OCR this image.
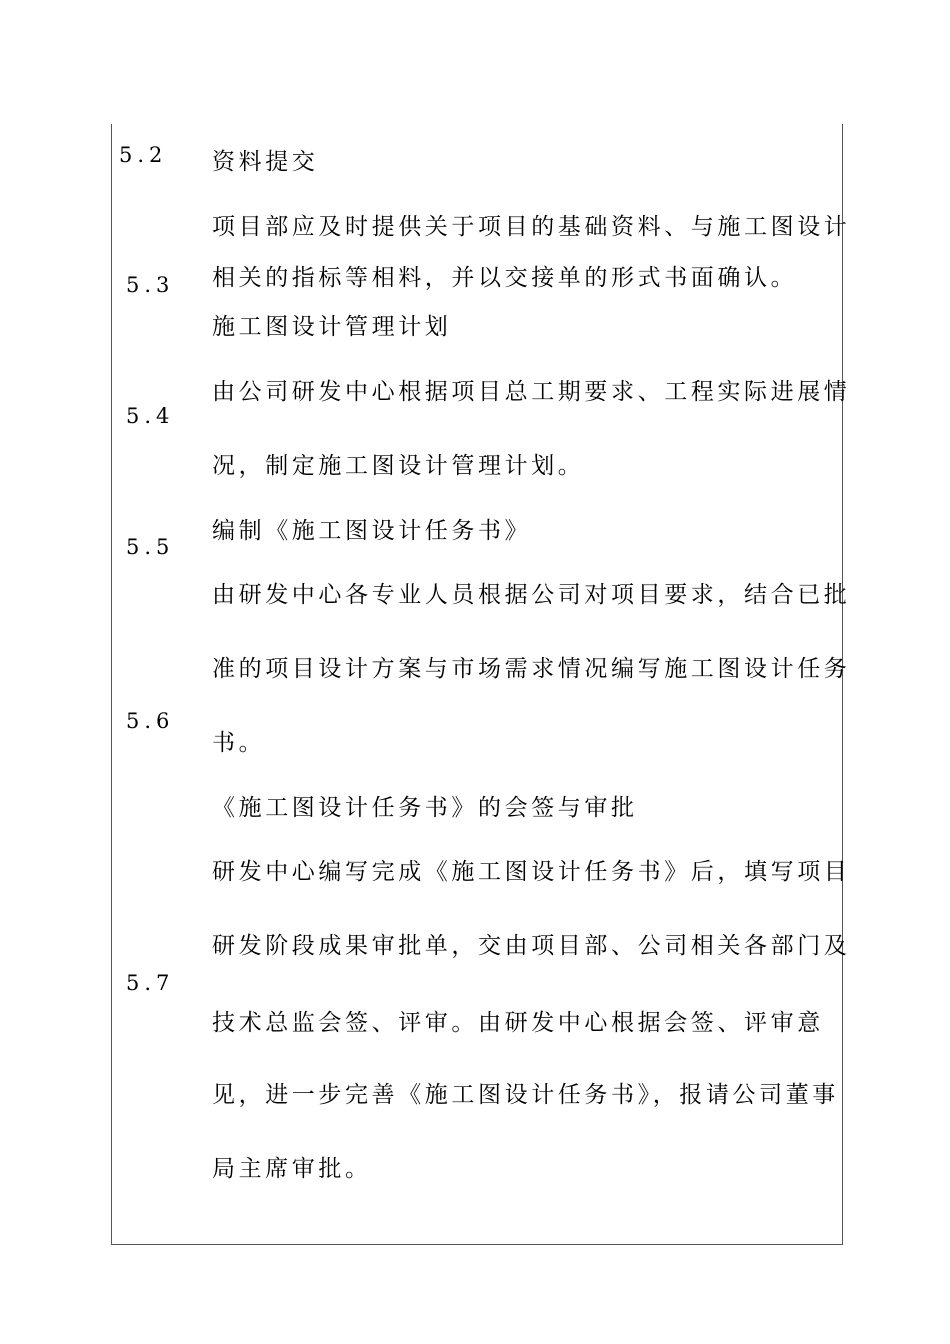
5.2
5.3
5.4
5.5
5.6
5.7
资料提交
项目部应及时提供关于项目的基础资料、与施工图设计
相关的指标等相料，并以交接单的形式书面确认。
施工图设计管理计划
由公司研发中心根据项目总工期要求、工程实际进展情
况，制定施工图设计管理计划。
编制《施工图设计任务书》
由研发中心各专业人员根据公司对项目要求，结合已批
准的项目设计方案与市场需求情况编写施工图设计任务
书。
《施工图设计任务书》的会签与审批
研发中心编写完成《施工图设计任务书》后，填写项目
研发阶段成果审批单，交由项目部、公司相关各部门及
技术总监会签、评审。由研发中心根据会签、评审意
见，进一步完善《施工图设计任务书》，报请公司董事
局主席审批。
